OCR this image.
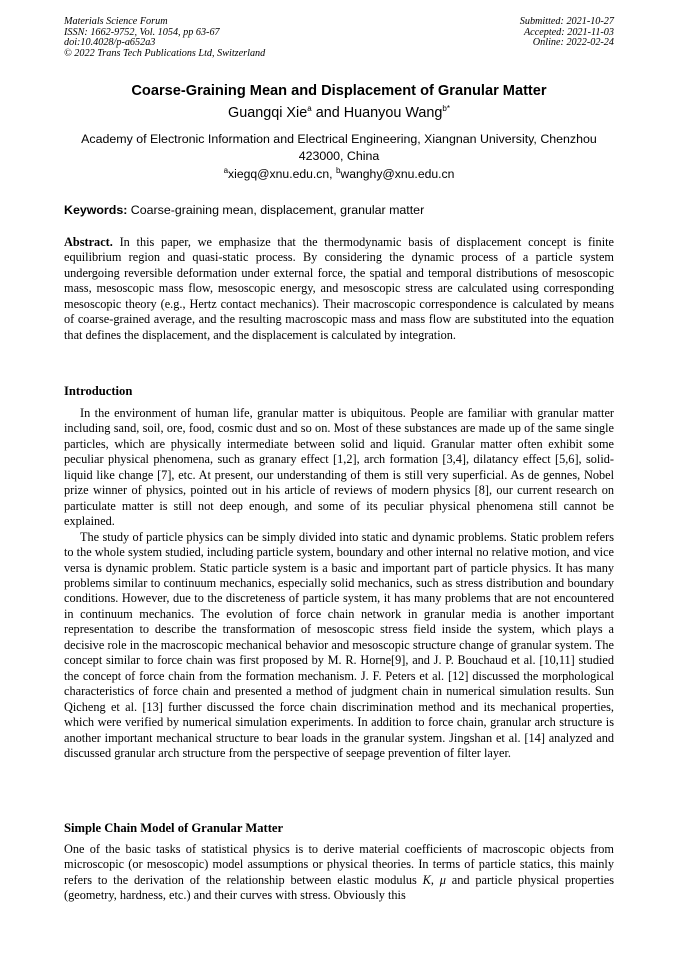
Materials Science Forum
ISSN: 1662-9752, Vol. 1054, pp 63-67
doi:10.4028/p-a652a3
© 2022 Trans Tech Publications Ltd, Switzerland
Submitted: 2021-10-27
Accepted: 2021-11-03
Online: 2022-02-24
Coarse-Graining Mean and Displacement of Granular Matter
Guangqi Xie$^a$ and Huanyou Wang$^{b*}$
Academy of Electronic Information and Electrical Engineering, Xiangnan University, Chenzhou 423000, China
$^a$xiegq@xnu.edu.cn, $^b$wanghy@xnu.edu.cn
Keywords: Coarse-graining mean, displacement, granular matter
Abstract. In this paper, we emphasize that the thermodynamic basis of displacement concept is finite equilibrium region and quasi-static process. By considering the dynamic process of a particle system undergoing reversible deformation under external force, the spatial and temporal distributions of mesoscopic mass, mesoscopic mass flow, mesoscopic energy, and mesoscopic stress are calculated using corresponding mesoscopic theory (e.g., Hertz contact mechanics). Their macroscopic correspondence is calculated by means of coarse-grained average, and the resulting macroscopic mass and mass flow are substituted into the equation that defines the displacement, and the displacement is calculated by integration.
Introduction

In the environment of human life, granular matter is ubiquitous. People are familiar with granular matter including sand, soil, ore, food, cosmic dust and so on. Most of these substances are made up of the same single particles, which are physically intermediate between solid and liquid. Granular matter often exhibit some peculiar physical phenomena, such as granary effect [1,2], arch formation [3,4], dilatancy effect [5,6], solid-liquid like change [7], etc. At present, our understanding of them is still very superficial. As de gennes, Nobel prize winner of physics, pointed out in his article of reviews of modern physics [8], our current research on particulate matter is still not deep enough, and some of its peculiar physical phenomena still cannot be explained.

The study of particle physics can be simply divided into static and dynamic problems. Static problem refers to the whole system studied, including particle system, boundary and other internal no relative motion, and vice versa is dynamic problem. Static particle system is a basic and important part of particle physics. It has many problems similar to continuum mechanics, especially solid mechanics, such as stress distribution and boundary conditions. However, due to the discreteness of particle system, it has many problems that are not encountered in continuum mechanics. The evolution of force chain network in granular media is another important representation to describe the transformation of mesoscopic stress field inside the system, which plays a decisive role in the macroscopic mechanical behavior and mesoscopic structure change of granular system. The concept similar to force chain was first proposed by M. R. Horne[9], and J. P. Bouchaud et al. [10,11] studied the concept of force chain from the formation mechanism. J. F. Peters et al. [12] discussed the morphological characteristics of force chain and presented a method of judgment chain in numerical simulation results. Sun Qicheng et al. [13] further discussed the force chain discrimination method and its mechanical properties, which were verified by numerical simulation experiments. In addition to force chain, granular arch structure is another important mechanical structure to bear loads in the granular system. Jingshan et al. [14] analyzed and discussed granular arch structure from the perspective of seepage prevention of filter layer.

Simple Chain Model of Granular Matter

One of the basic tasks of statistical physics is to derive material coefficients of macroscopic objects from microscopic (or mesoscopic) model assumptions or physical theories. In terms of particle statics, this mainly refers to the derivation of the relationship between elastic modulus K, μ and particle physical properties (geometry, hardness, etc.) and their curves with stress. Obviously this
